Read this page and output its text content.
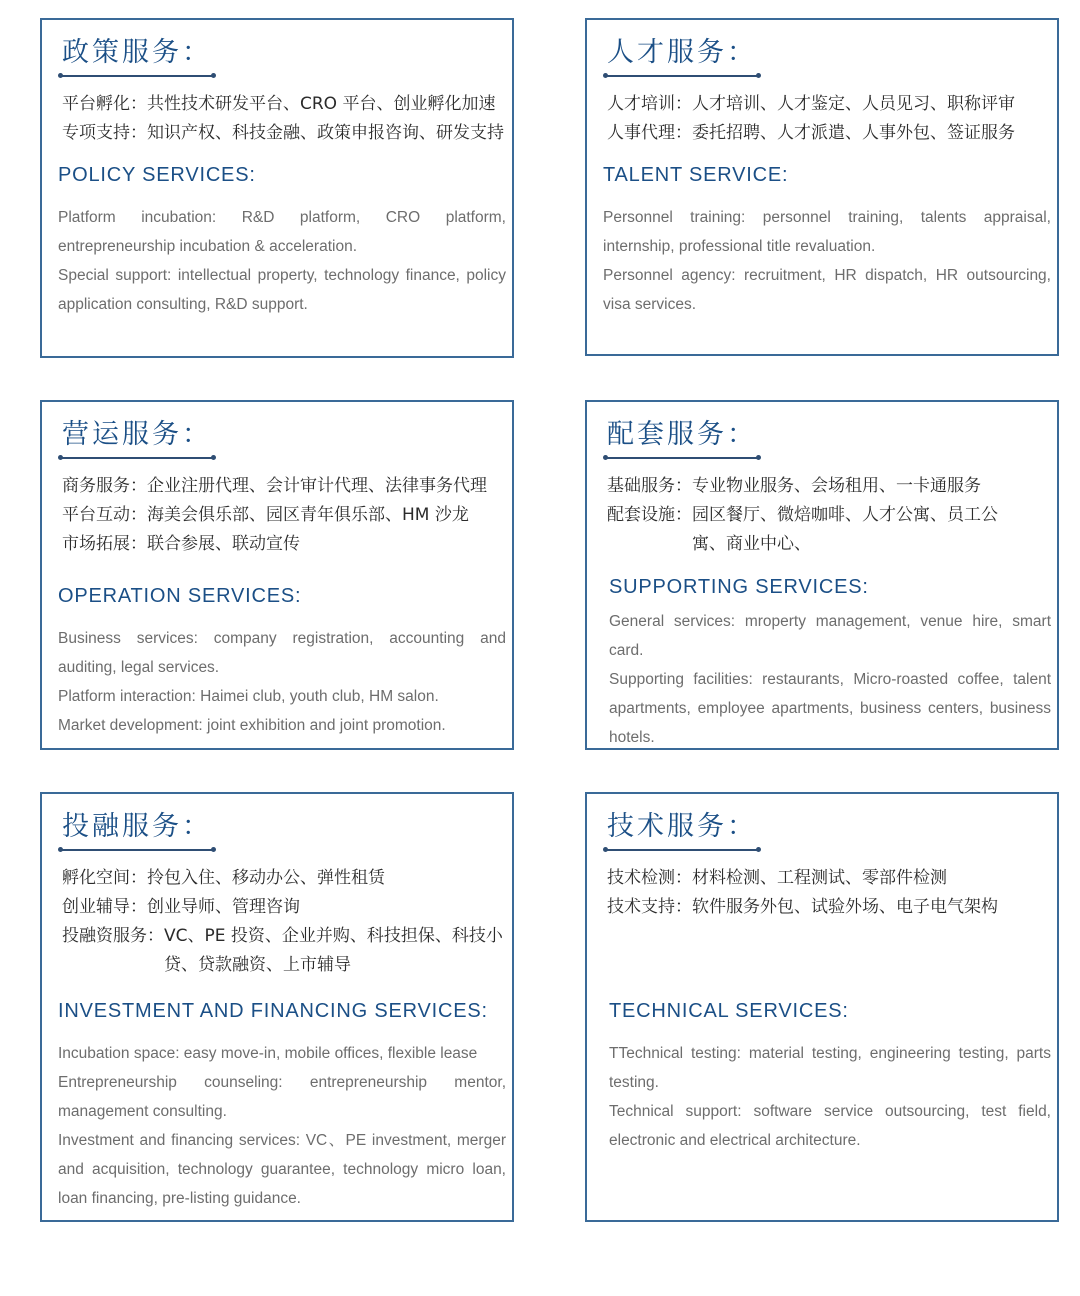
政策服务：
平台孵化： 共性技术研发平台、CRO 平台、创业孵化加速
专项支持： 知识产权、科技金融、政策申报咨询、研发支持
POLICY SERVICES:

Platform incubation: R&D platform, CRO platform, entrepreneurship incubation & acceleration.

Special support: intellectual property, technology finance, policy application consulting, R&D support.

人才服务：
人才培训： 人才培训、人才鉴定、人员见习、职称评审
人事代理： 委托招聘、人才派遣、人事外包、签证服务
TALENT SERVICE:

Personnel training: personnel training, talents appraisal, internship, professional title revaluation.

Personnel agency: recruitment, HR dispatch, HR outsourcing, visa services.

营运服务：
商务服务： 企业注册代理、会计审计代理、法律事务代理
平台互动： 海美会俱乐部、园区青年俱乐部、HM 沙龙
市场拓展： 联合参展、联动宣传
OPERATION SERVICES:

Business services: company registration, accounting and auditing, legal services.

Platform interaction: Haimei club, youth club, HM salon.

Market development: joint exhibition and joint promotion.

配套服务：
基础服务： 专业物业服务、会场租用、一卡通服务
配套设施： 园区餐厅、微焙咖啡、人才公寓、员工公寓、商业中心、
SUPPORTING SERVICES:

General services: mroperty management, venue hire, smart card.

Supporting facilities: restaurants, Micro-roasted coffee, talent apartments, employee apartments, business centers, business hotels.

投融服务：
孵化空间： 拎包入住、移动办公、弹性租赁
创业辅导： 创业导师、管理咨询
投融资服务： VC、PE 投资、企业并购、科技担保、科技小贷、贷款融资、上市辅导
INVESTMENT AND FINANCING SERVICES:

Incubation space: easy move-in, mobile offices, flexible lease

Entrepreneurship counseling: entrepreneurship mentor, management consulting.

Investment and financing services: VC、PE investment, merger and acquisition, technology guarantee, technology micro loan, loan financing, pre-listing guidance.

技术服务：
技术检测： 材料检测、工程测试、零部件检测
技术支持： 软件服务外包、试验外场、电子电气架构
TECHNICAL SERVICES:

TTechnical testing: material testing, engineering testing, parts testing.

Technical support: software service outsourcing, test field, electronic and electrical architecture.
